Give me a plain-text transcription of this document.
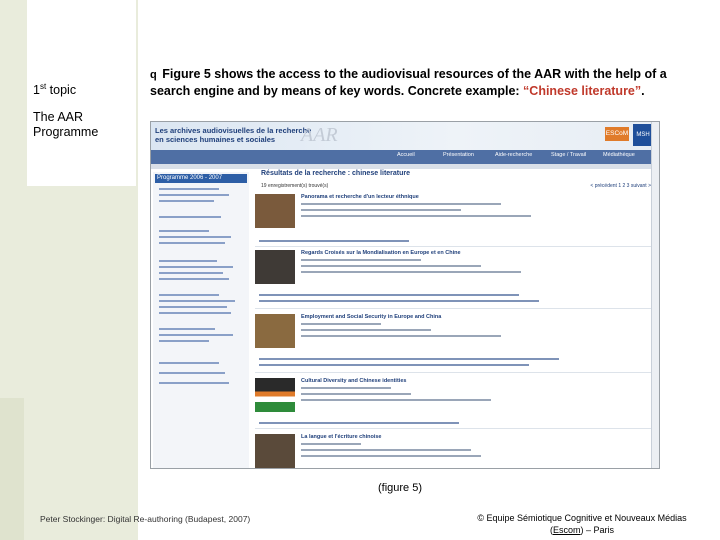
1st topic
The AAR Programme
q Figure 5 shows the access to the audiovisual resources of the AAR with the help of a search engine and by means of key words. Concrete example: “Chinese literature”.
Les archives audiovisuelles de la recherche
en sciences humaines et sociales	AAR	ESCoM	MSH
Accueil	Présentation	Aide-recherche	Stage / Travail	Médiathèque
Programme 2006 - 2007
Résultats de la recherche : chinese literature
19 enregistrement(s) trouvé(s)	< précédent 1 2 3 suivant >
Panorama et recherche d'un lecteur éthnique
Regards Croisés sur la Mondialisation en Europe et en Chine
Employment and Social Security in Europe and China
Cultural Diversity and Chinese identities
La langue et l'écriture chinoise
(figure 5)
Peter Stockinger: Digital Re-authoring (Budapest, 2007)	© Equipe Sémiotique Cognitive et Nouveaux Médias
(Escom) – Paris
